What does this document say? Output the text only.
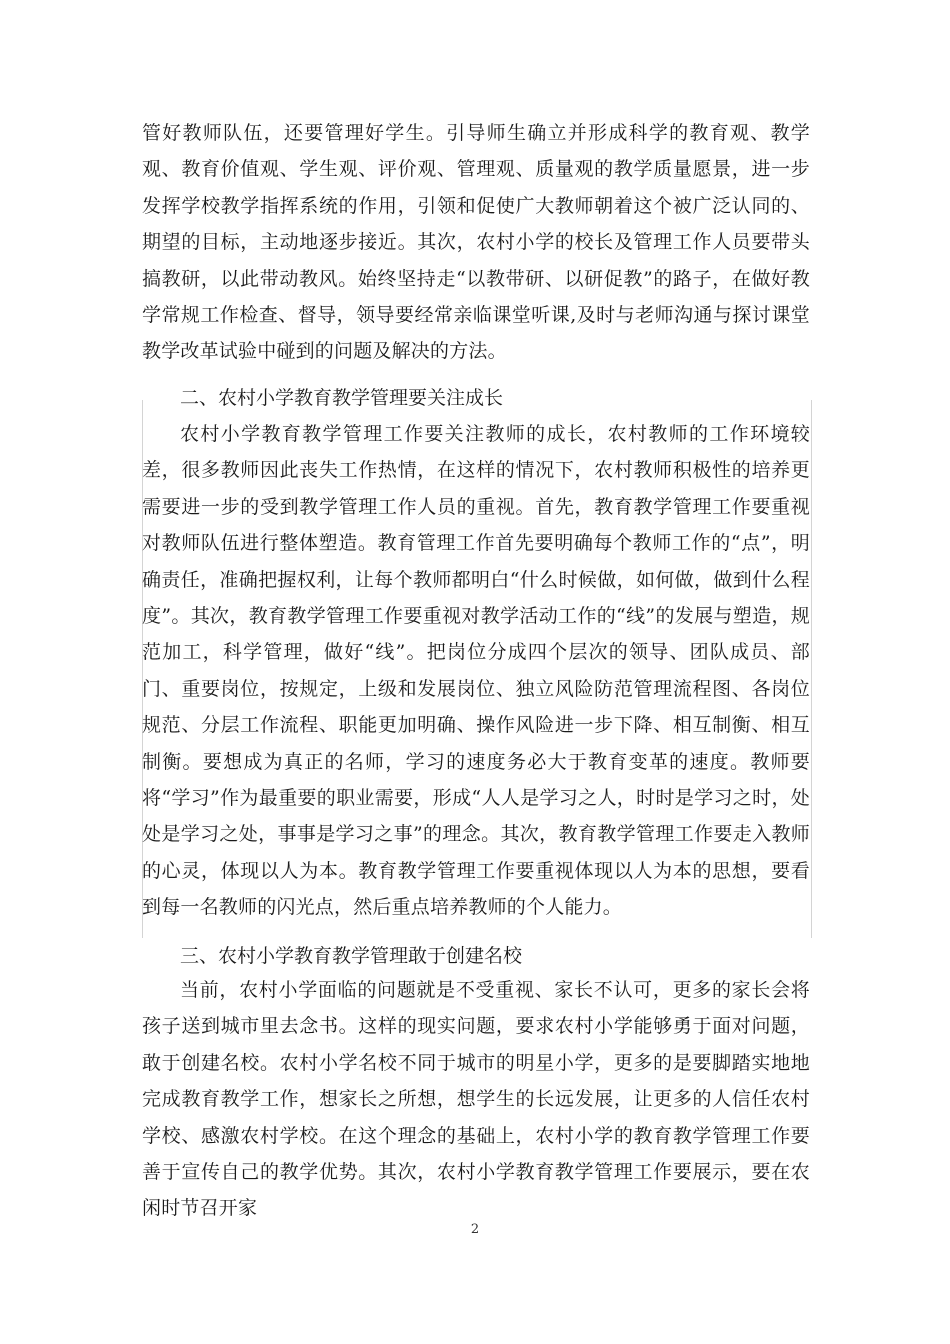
管好教师队伍，还要管理好学生。引导师生确立并形成科学的教育观、教学观、教育价值观、学生观、评价观、管理观、质量观的教学质量愿景，进一步发挥学校教学指挥系统的作用，引领和促使广大教师朝着这个被广泛认同的、期望的目标，主动地逐步接近。其次，农村小学的校长及管理工作人员要带头搞教研，以此带动教风。始终坚持走“以教带研、以研促教”的路子，在做好教学常规工作检查、督导，领导要经常亲临课堂听课,及时与老师沟通与探讨课堂教学改革试验中碰到的问题及解决的方法。

二、农村小学教育教学管理要关注成长

农村小学教育教学管理工作要关注教师的成长，农村教师的工作环境较差，很多教师因此丧失工作热情，在这样的情况下，农村教师积极性的培养更需要进一步的受到教学管理工作人员的重视。首先，教育教学管理工作要重视对教师队伍进行整体塑造。教育管理工作首先要明确每个教师工作的“点”，明确责任，准确把握权利，让每个教师都明白“什么时候做，如何做，做到什么程度”。其次，教育教学管理工作要重视对教学活动工作的“线”的发展与塑造，规范加工，科学管理，做好“线”。把岗位分成四个层次的领导、团队成员、部门、重要岗位，按规定，上级和发展岗位、独立风险防范管理流程图、各岗位规范、分层工作流程、职能更加明确、操作风险进一步下降、相互制衡、相互制衡。要想成为真正的名师，学习的速度务必大于教育变革的速度。教师要将“学习”作为最重要的职业需要，形成“人人是学习之人，时时是学习之时，处处是学习之处，事事是学习之事”的理念。其次，教育教学管理工作要走入教师的心灵，体现以人为本。教育教学管理工作要重视体现以人为本的思想，要看到每一名教师的闪光点，然后重点培养教师的个人能力。

三、农村小学教育教学管理敢于创建名校

当前，农村小学面临的问题就是不受重视、家长不认可，更多的家长会将孩子送到城市里去念书。这样的现实问题，要求农村小学能够勇于面对问题，敢于创建名校。农村小学名校不同于城市的明星小学，更多的是要脚踏实地地完成教育教学工作，想家长之所想，想学生的长远发展，让更多的人信任农村学校、感激农村学校。在这个理念的基础上，农村小学的教育教学管理工作要善于宣传自己的教学优势。其次，农村小学教育教学管理工作要展示，要在农闲时节召开家

2
